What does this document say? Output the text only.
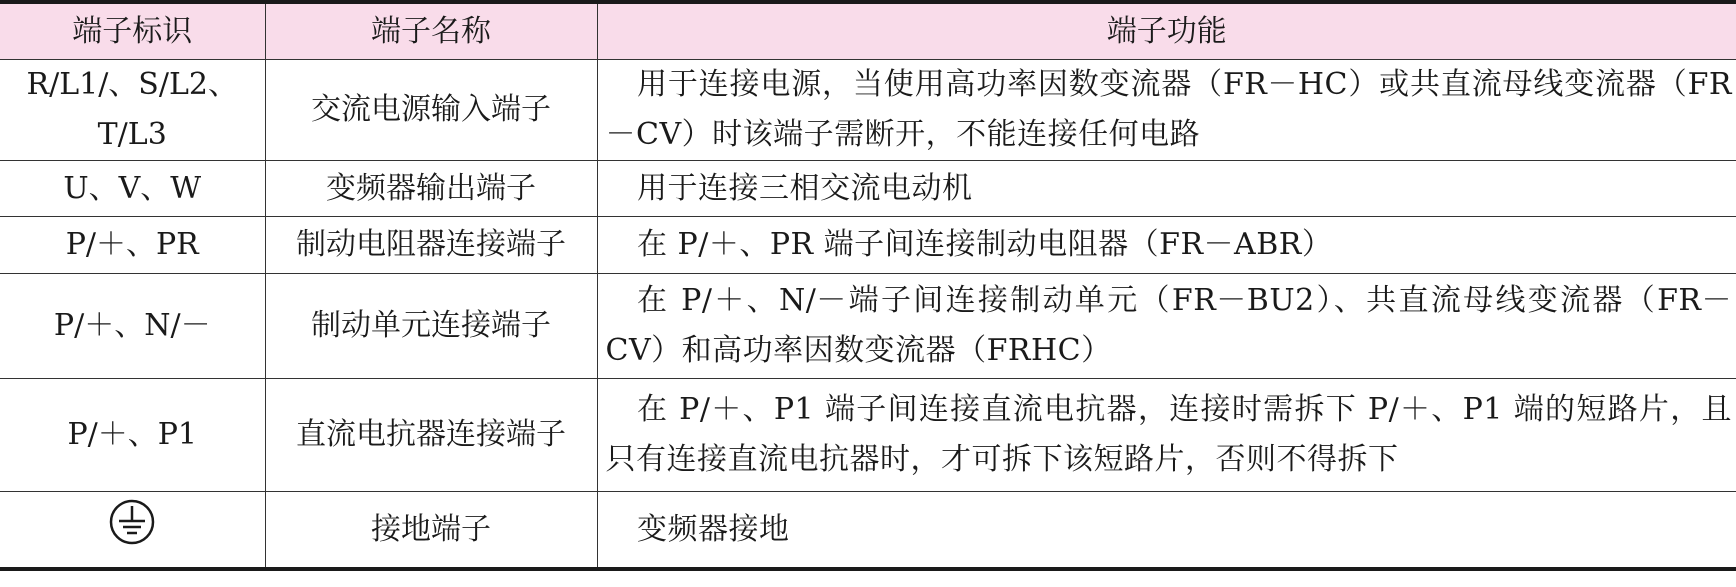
端子标识	端子名称	端子功能
R/L1/、S/L2、T/L3	交流电源输入端子	用于连接电源，当使用高功率因数变流器（FR－HC）或共直流母线变流器（FR－CV）时该端子需断开，不能连接任何电路
U、V、W	变频器输出端子	用于连接三相交流电动机
P/＋、PR	制动电阻器连接端子	在 P/＋、PR 端子间连接制动电阻器（FR－ABR）
P/＋、N/－	制动单元连接端子	在 P/＋、N/－端子间连接制动单元（FR－BU2）、共直流母线变流器（FR－CV）和高功率因数变流器（FRHC）
P/＋、P1	直流电抗器连接端子	在 P/＋、P1 端子间连接直流电抗器，连接时需拆下 P/＋、P1 端的短路片，且只有连接直流电抗器时，才可拆下该短路片，否则不得拆下
	接地端子	变频器接地
